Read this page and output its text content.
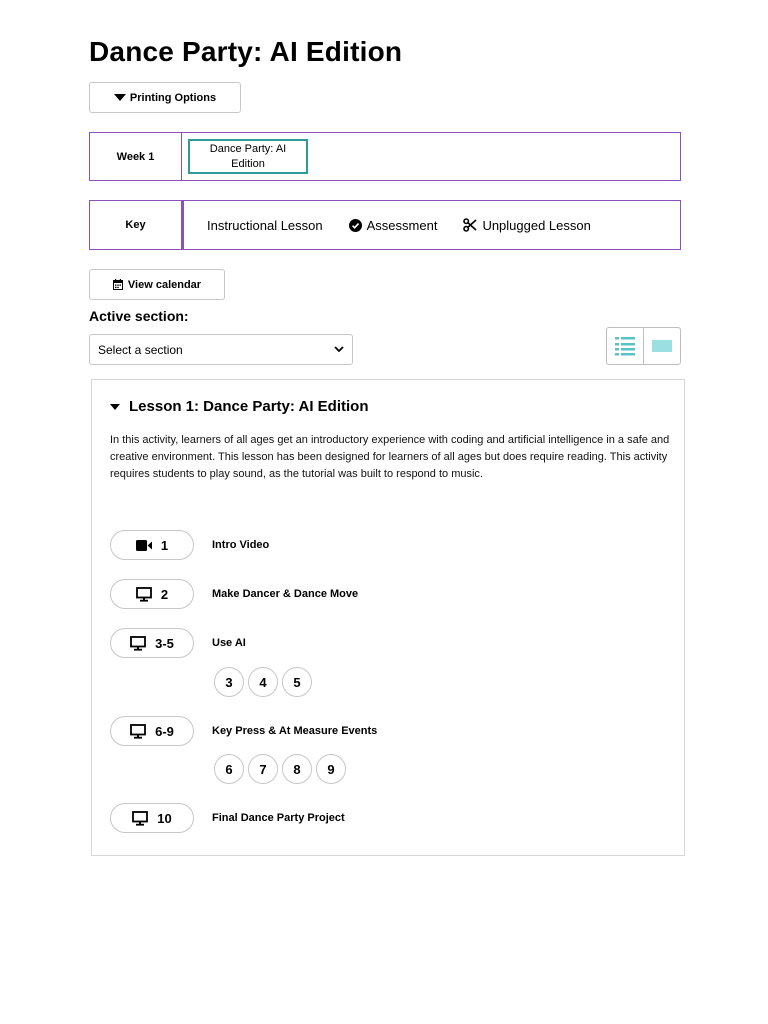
Dance Party: AI Edition
Printing Options
Week 1
Dance Party: AI Edition
Key	Instructional Lesson	Assessment	Unplugged Lesson
View calendar
Active section:
Select a section
Lesson 1: Dance Party: AI Edition
In this activity, learners of all ages get an introductory experience with coding and artificial intelligence in a safe and creative environment. This lesson has been designed for learners of all ages but does require reading. This activity requires students to play sound, as the tutorial was built to respond to music.
1	Intro Video
2	Make Dancer & Dance Move
3-5	Use AI
3	4	5
6-9	Key Press & At Measure Events
6	7	8	9
10	Final Dance Party Project
